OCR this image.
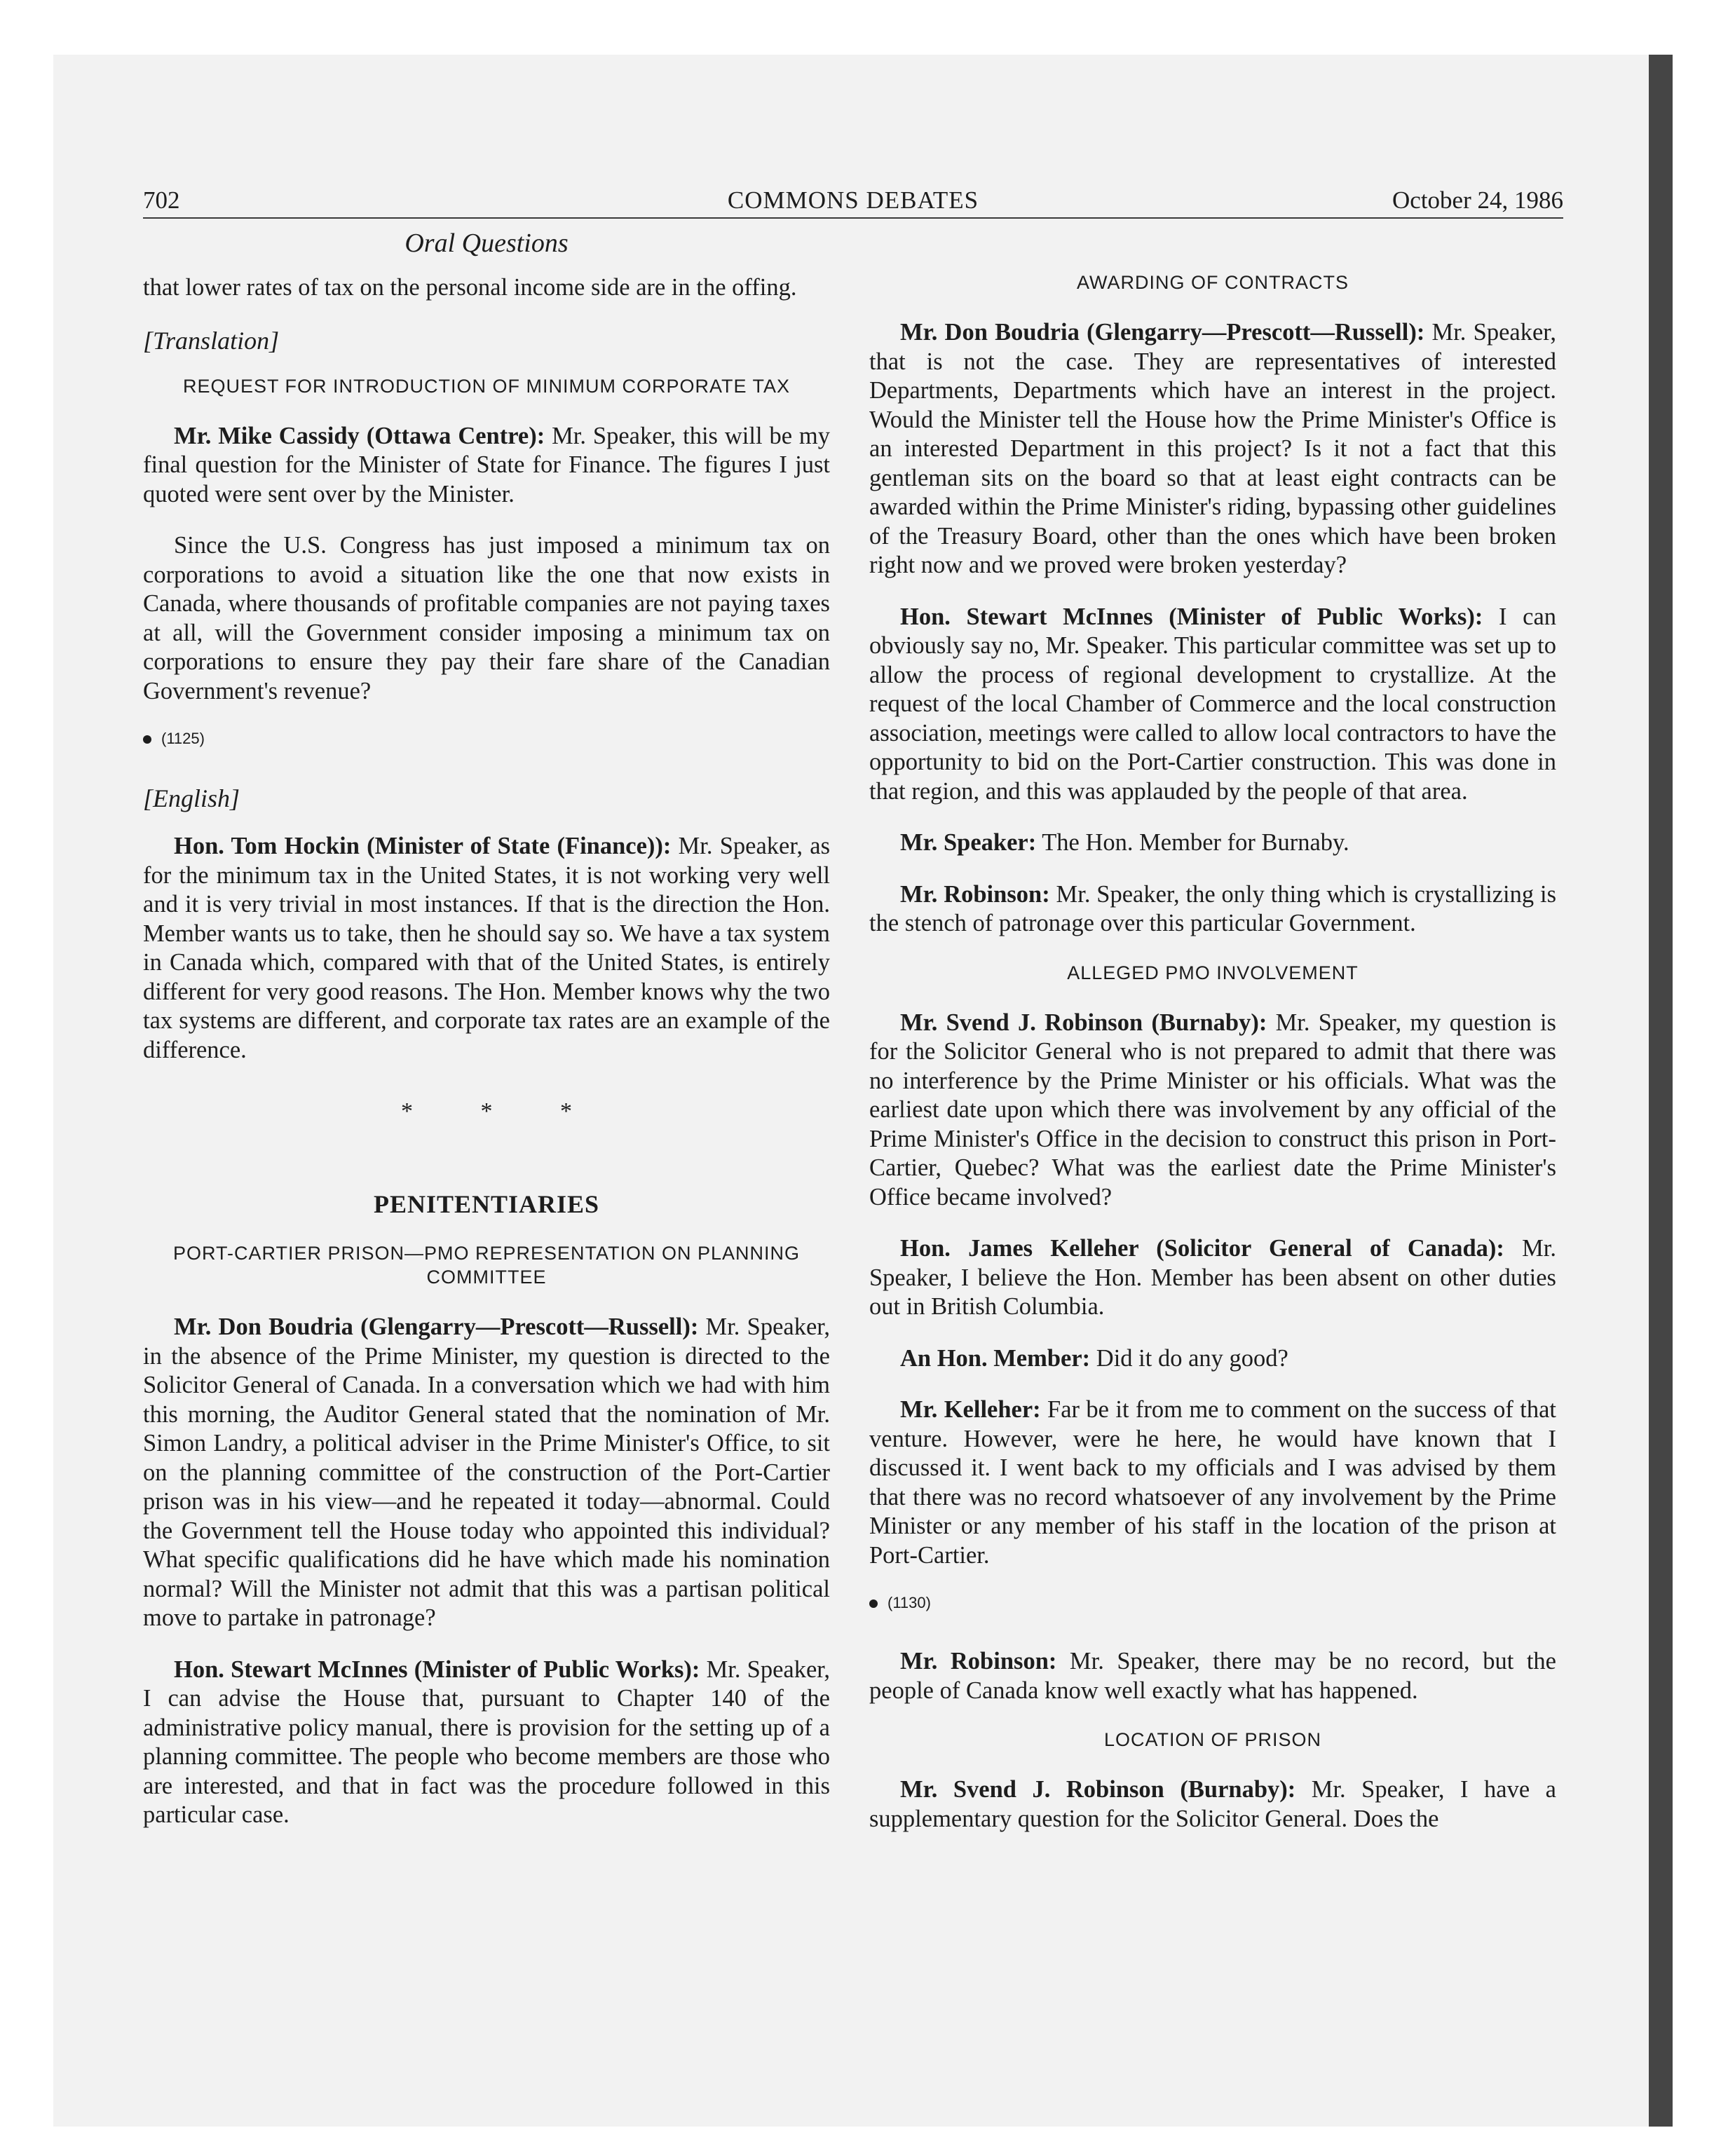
702	COMMONS DEBATES	October 24, 1986
Oral Questions

that lower rates of tax on the personal income side are in the offing.

[Translation]
REQUEST FOR INTRODUCTION OF MINIMUM CORPORATE TAX

Mr. Mike Cassidy (Ottawa Centre): Mr. Speaker, this will be my final question for the Minister of State for Finance. The figures I just quoted were sent over by the Minister.

Since the U.S. Congress has just imposed a minimum tax on corporations to avoid a situation like the one that now exists in Canada, where thousands of profitable companies are not paying taxes at all, will the Government consider imposing a minimum tax on corporations to ensure they pay their fare share of the Canadian Government's revenue?

(1125)
[English]

Hon. Tom Hockin (Minister of State (Finance)): Mr. Speaker, as for the minimum tax in the United States, it is not working very well and it is very trivial in most instances. If that is the direction the Hon. Member wants us to take, then he should say so. We have a tax system in Canada which, compared with that of the United States, is entirely different for very good reasons. The Hon. Member knows why the two tax systems are different, and corporate tax rates are an example of the difference.

* * *
PENITENTIARIES
PORT-CARTIER PRISON—PMO REPRESENTATION ON PLANNING COMMITTEE

Mr. Don Boudria (Glengarry—Prescott—Russell): Mr. Speaker, in the absence of the Prime Minister, my question is directed to the Solicitor General of Canada. In a conversation which we had with him this morning, the Auditor General stated that the nomination of Mr. Simon Landry, a political adviser in the Prime Minister's Office, to sit on the planning committee of the construction of the Port-Cartier prison was in his view—and he repeated it today—abnormal. Could the Government tell the House today who appointed this individual? What specific qualifications did he have which made his nomination normal? Will the Minister not admit that this was a partisan political move to partake in patronage?

Hon. Stewart McInnes (Minister of Public Works): Mr. Speaker, I can advise the House that, pursuant to Chapter 140 of the administrative policy manual, there is provision for the setting up of a planning committee. The people who become members are those who are interested, and that in fact was the procedure followed in this particular case.

AWARDING OF CONTRACTS

Mr. Don Boudria (Glengarry—Prescott—Russell): Mr. Speaker, that is not the case. They are representatives of interested Departments, Departments which have an interest in the project. Would the Minister tell the House how the Prime Minister's Office is an interested Department in this project? Is it not a fact that this gentleman sits on the board so that at least eight contracts can be awarded within the Prime Minister's riding, bypassing other guidelines of the Treasury Board, other than the ones which have been broken right now and we proved were broken yesterday?

Hon. Stewart McInnes (Minister of Public Works): I can obviously say no, Mr. Speaker. This particular committee was set up to allow the process of regional development to crystallize. At the request of the local Chamber of Commerce and the local construction association, meetings were called to allow local contractors to have the opportunity to bid on the Port-Cartier construction. This was done in that region, and this was applauded by the people of that area.

Mr. Speaker: The Hon. Member for Burnaby.

Mr. Robinson: Mr. Speaker, the only thing which is crystallizing is the stench of patronage over this particular Government.

ALLEGED PMO INVOLVEMENT

Mr. Svend J. Robinson (Burnaby): Mr. Speaker, my question is for the Solicitor General who is not prepared to admit that there was no interference by the Prime Minister or his officials. What was the earliest date upon which there was involvement by any official of the Prime Minister's Office in the decision to construct this prison in Port-Cartier, Quebec? What was the earliest date the Prime Minister's Office became involved?

Hon. James Kelleher (Solicitor General of Canada): Mr. Speaker, I believe the Hon. Member has been absent on other duties out in British Columbia.

An Hon. Member: Did it do any good?

Mr. Kelleher: Far be it from me to comment on the success of that venture. However, were he here, he would have known that I discussed it. I went back to my officials and I was advised by them that there was no record whatsoever of any involvement by the Prime Minister or any member of his staff in the location of the prison at Port-Cartier.

(1130)

Mr. Robinson: Mr. Speaker, there may be no record, but the people of Canada know well exactly what has happened.

LOCATION OF PRISON

Mr. Svend J. Robinson (Burnaby): Mr. Speaker, I have a supplementary question for the Solicitor General. Does the
